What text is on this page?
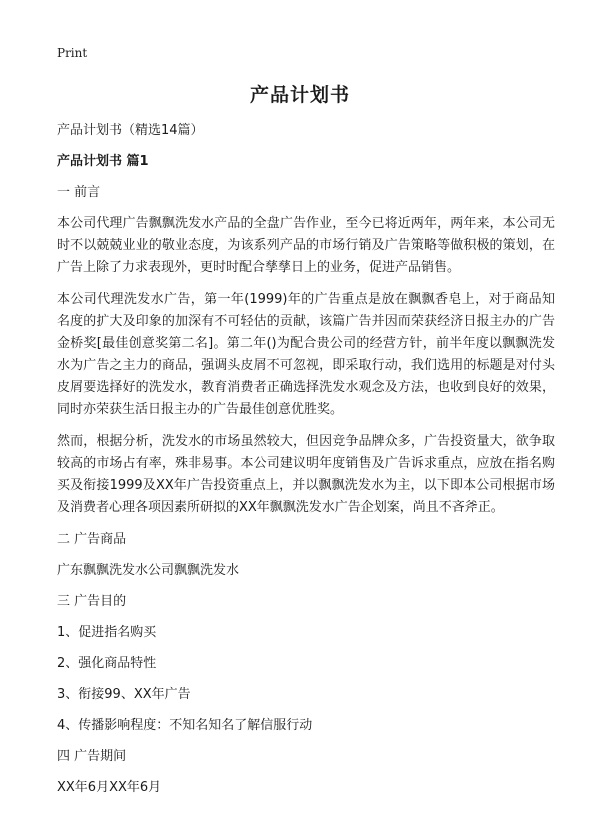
Print
产品计划书

产品计划书（精选14篇）

产品计划书 篇1

一 前言

本公司代理广告飘飘洗发水产品的全盘广告作业，至今已将近两年，两年来，本公司无时不以兢兢业业的敬业态度，为该系列产品的市场行销及广告策略等做积极的策划，在广告上除了力求表现外，更时时配合孳孳日上的业务，促进产品销售。

本公司代理洗发水广告，第一年(1999)年的广告重点是放在飘飘香皂上，对于商品知名度的扩大及印象的加深有不可轻估的贡献，该篇广告并因而荣获经济日报主办的广告金桥奖[最佳创意奖第二名]。第二年()为配合贵公司的经营方针，前半年度以飘飘洗发水为广告之主力的商品，强调头皮屑不可忽视，即采取行动，我们选用的标题是对付头皮屑要选择好的洗发水，教育消费者正确选择洗发水观念及方法，也收到良好的效果，同时亦荣获生活日报主办的广告最佳创意优胜奖。

然而，根据分析，洗发水的市场虽然较大，但因竞争品牌众多，广告投资量大，欲争取较高的市场占有率，殊非易事。本公司建议明年度销售及广告诉求重点，应放在指名购买及衔接1999及XX年广告投资重点上，并以飘飘洗发水为主，以下即本公司根据市场及消费者心理各项因素所研拟的XX年飘飘洗发水广告企划案，尚且不吝斧正。

二 广告商品

广东飘飘洗发水公司飘飘洗发水

三 广告目的

1、促进指名购买

2、强化商品特性

3、衔接99、XX年广告

4、传播影响程度：不知名知名了解信服行动

四 广告期间

XX年6月XX年6月
